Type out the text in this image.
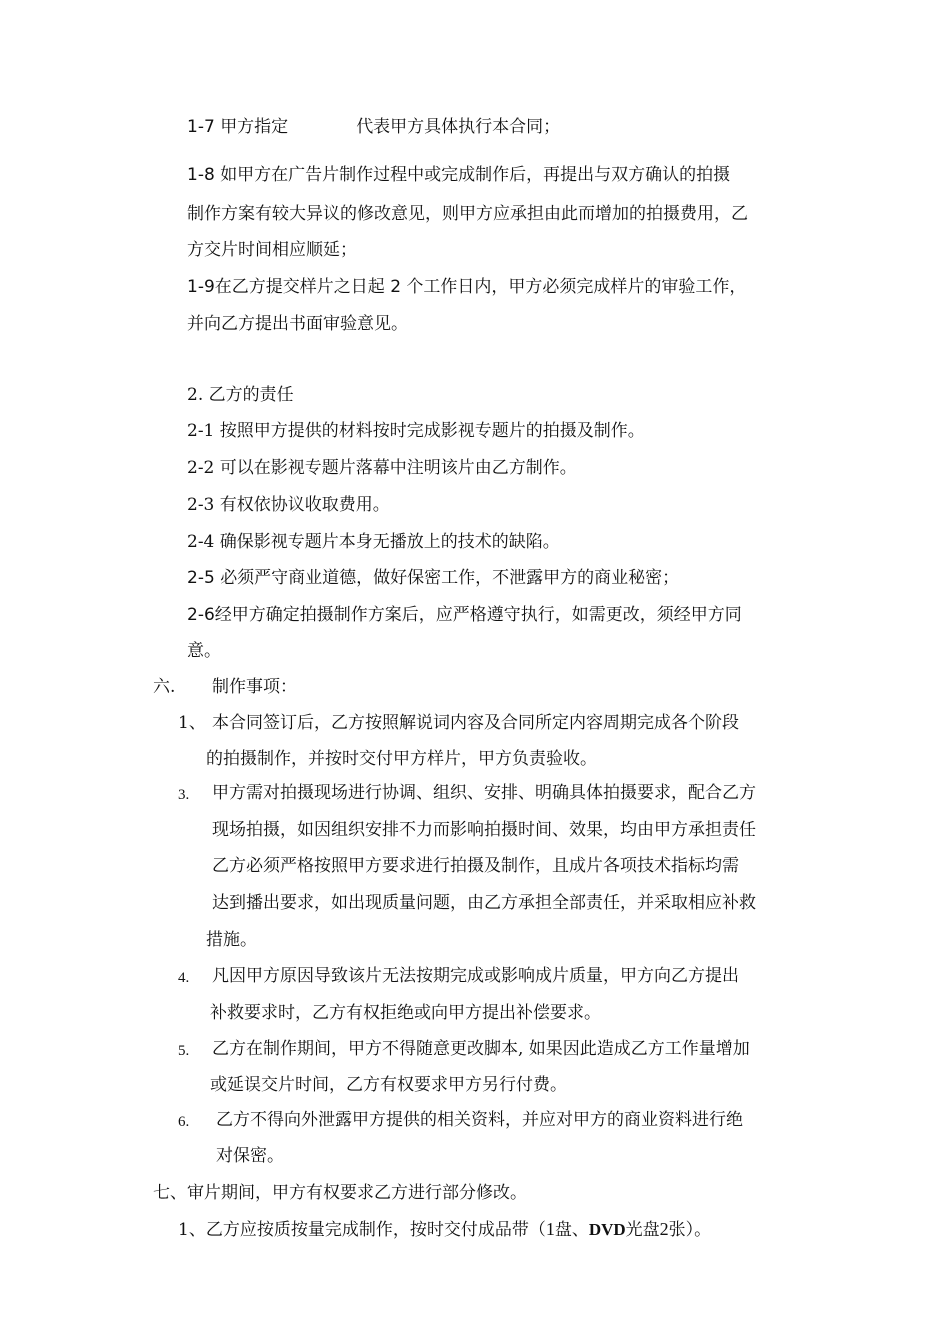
1-7 甲方指定	代表甲方具体执行本合同；
1-8 如甲方在广告片制作过程中或完成制作后，再提出与双方确认的拍摄
制作方案有较大异议的修改意见，则甲方应承担由此而增加的拍摄费用，乙
方交片时间相应顺延；
1-9在乙方提交样片之日起 2 个工作日内，甲方必须完成样片的审验工作，
并向乙方提出书面审验意见。
2. 乙方的责任
2-1 按照甲方提供的材料按时完成影视专题片的拍摄及制作。
2-2 可以在影视专题片落幕中注明该片由乙方制作。
2-3 有权依协议收取费用。
2-4 确保影视专题片本身无播放上的技术的缺陷。
2-5 必须严守商业道德，做好保密工作，不泄露甲方的商业秘密；
2-6经甲方确定拍摄制作方案后，应严格遵守执行，如需更改，须经甲方同
意。
六. 制作事项：
1、 本合同签订后，乙方按照解说词内容及合同所定内容周期完成各个阶段
的拍摄制作，并按时交付甲方样片，甲方负责验收。
3. 甲方需对拍摄现场进行协调、组织、安排、明确具体拍摄要求，配合乙方
现场拍摄，如因组织安排不力而影响拍摄时间、效果，均由甲方承担责任
乙方必须严格按照甲方要求进行拍摄及制作，且成片各项技术指标均需
达到播出要求，如出现质量问题，由乙方承担全部责任，并采取相应补救
措施。
4. 凡因甲方原因导致该片无法按期完成或影响成片质量，甲方向乙方提出
补救要求时，乙方有权拒绝或向甲方提出补偿要求。
5. 乙方在制作期间，甲方不得随意更改脚本, 如果因此造成乙方工作量增加
或延误交片时间，乙方有权要求甲方另行付费。
6. 乙方不得向外泄露甲方提供的相关资料，并应对甲方的商业资料进行绝
对保密。
七、审片期间，甲方有权要求乙方进行部分修改。
1、乙方应按质按量完成制作，按时交付成品带（1盘、DVD光盘2张）。
